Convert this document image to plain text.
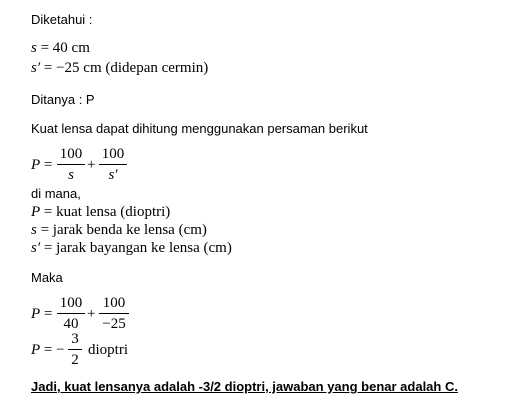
Diketahui :
s = 40 cm
s′ = −25 cm (didepan cermin)
Ditanya : P
Kuat lensa dapat dihitung menggunakan persaman berikut
P =
100
s
+
100
s′
di mana,
P = kuat lensa (dioptri)
s = jarak benda ke lensa (cm)
s′ = jarak bayangan ke lensa (cm)
Maka
P =
100
40
+
100
−25
P = −
3
2
dioptri
Jadi, kuat lensanya adalah -3/2 dioptri, jawaban yang benar adalah C.
